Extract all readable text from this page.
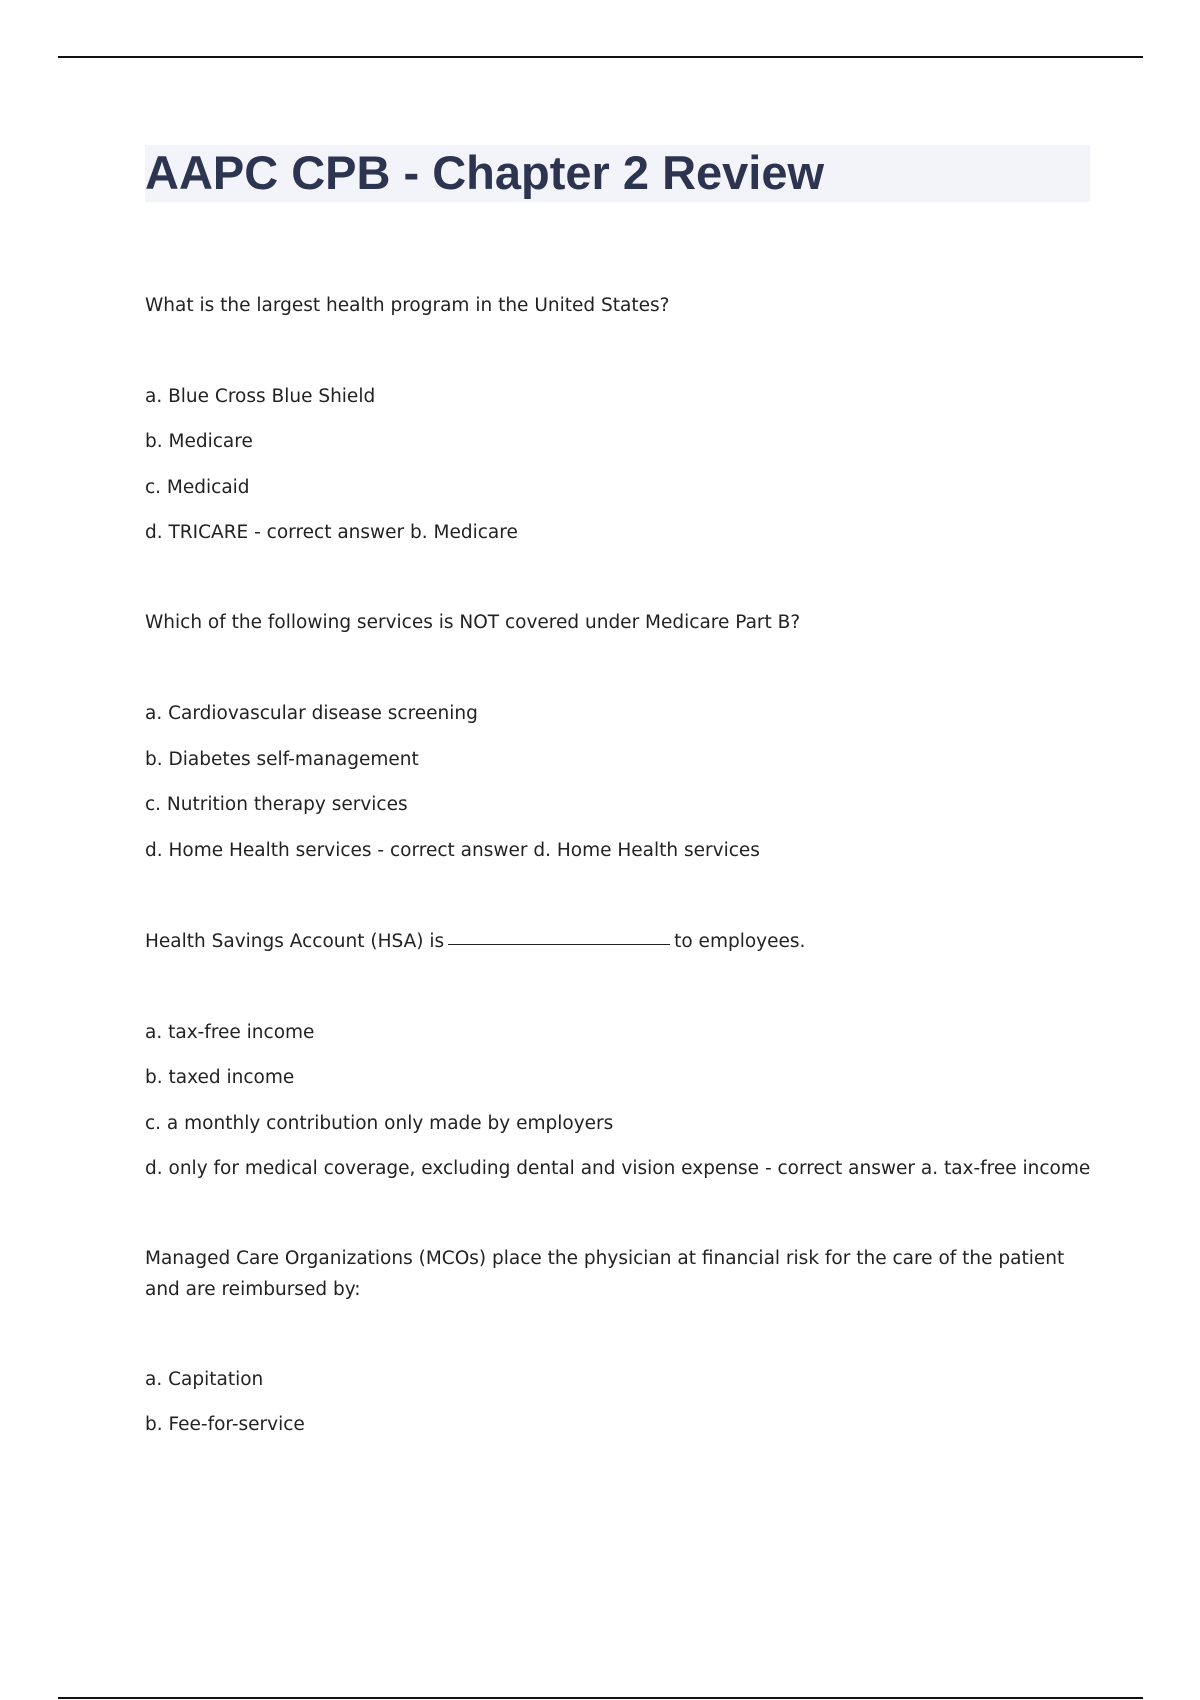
AAPC CPB - Chapter 2 Review

What is the largest health program in the United States?

a. Blue Cross Blue Shield

b. Medicare

c. Medicaid

d. TRICARE - correct answer b. Medicare

Which of the following services is NOT covered under Medicare Part B?

a. Cardiovascular disease screening

b. Diabetes self-management

c. Nutrition therapy services

d. Home Health services - correct answer d. Home Health services

Health Savings Account (HSA) is	to employees.

a. tax-free income

b. taxed income

c. a monthly contribution only made by employers

d. only for medical coverage, excluding dental and vision expense - correct answer a. tax-free income

Managed Care Organizations (MCOs) place the physician at financial risk for the care of the patient and are reimbursed by:

a. Capitation

b. Fee-for-service
